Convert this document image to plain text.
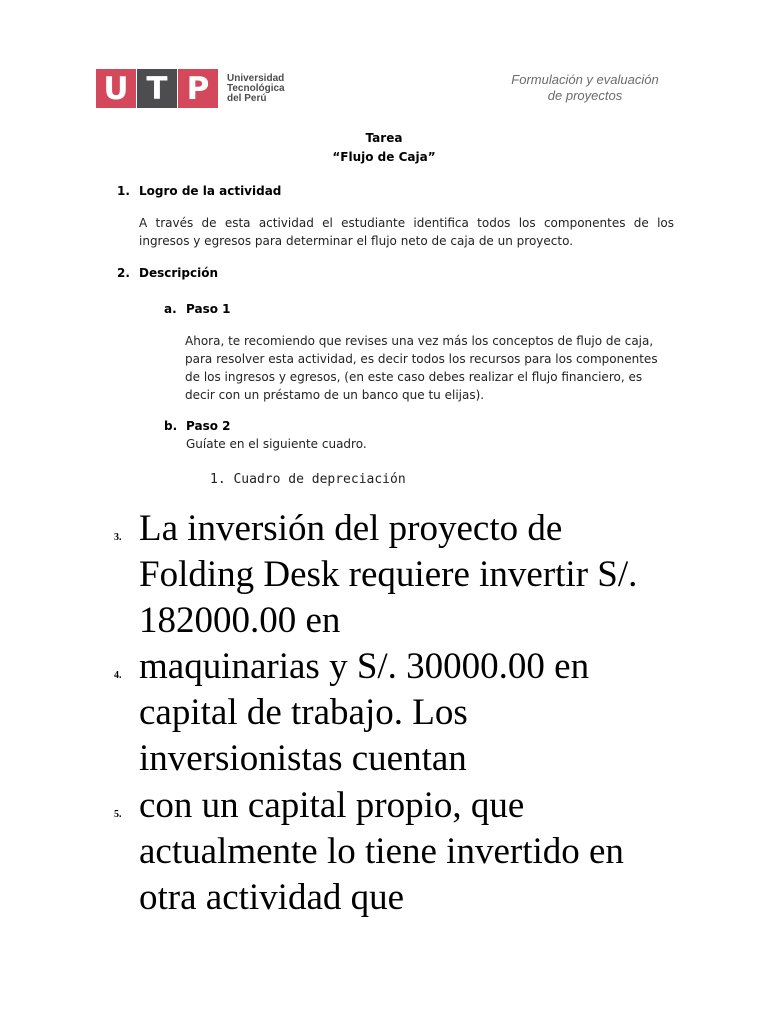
U T P	Universidad
Tecnológica
del Perú
Formulación y evaluación
de proyectos
Tarea
“Flujo de Caja”
1. Logro de la actividad
A través de esta actividad el estudiante identifica todos los componentes de los ingresos y egresos para determinar el flujo neto de caja de un proyecto.
2. Descripción
a. Paso 1
Ahora, te recomiendo que revises una vez más los conceptos de flujo de caja, para resolver esta actividad, es decir todos los recursos para los componentes de los ingresos y egresos, (en este caso debes realizar el flujo financiero, es decir con un préstamo de un banco que tu elijas).
b. Paso 2
Guíate en el siguiente cuadro.
1. Cuadro de depreciación
3. La inversión del proyecto de
Folding Desk requiere invertir S/.
182000.00 en
4. maquinarias y S/. 30000.00 en
capital de trabajo. Los
inversionistas cuentan
5. con un capital propio, que
actualmente lo tiene invertido en
otra actividad que
